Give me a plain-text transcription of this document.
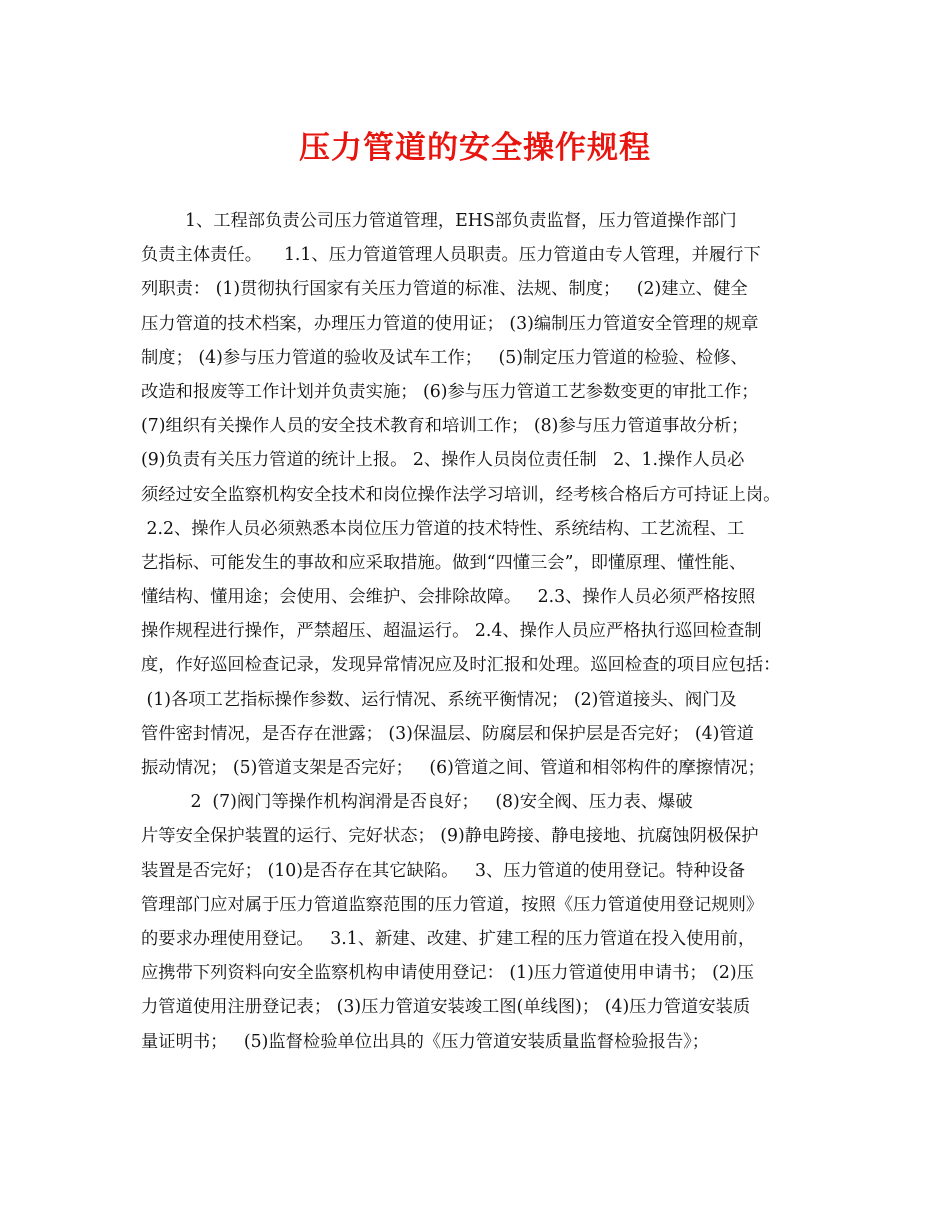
压力管道的安全操作规程
1、工程部负责公司压力管道管理，EHS部负责监督，压力管道操作部门
负责主体责任。    1.1、压力管道管理人员职责。压力管道由专人管理，并履行下
列职责： (1)贯彻执行国家有关压力管道的标准、法规、制度；   (2)建立、健全
压力管道的技术档案，办理压力管道的使用证； (3)编制压力管道安全管理的规章
制度； (4)参与压力管道的验收及试车工作；   (5)制定压力管道的检验、检修、
改造和报废等工作计划并负责实施； (6)参与压力管道工艺参数变更的审批工作；
(7)组织有关操作人员的安全技术教育和培训工作； (8)参与压力管道事故分析；
(9)负责有关压力管道的统计上报。 2、操作人员岗位责任制   2、1.操作人员必
须经过安全监察机构安全技术和岗位操作法学习培训，经考核合格后方可持证上岗。
2.2、操作人员必须熟悉本岗位压力管道的技术特性、系统结构、工艺流程、工
艺指标、可能发生的事故和应采取措施。做到“四懂三会”，即懂原理、懂性能、
懂结构、懂用途；会使用、会维护、会排除故障。   2.3、操作人员必须严格按照
操作规程进行操作，严禁超压、超温运行。 2.4、操作人员应严格执行巡回检查制
度，作好巡回检查记录，发现异常情况应及时汇报和处理。巡回检查的项目应包括：
(1)各项工艺指标操作参数、运行情况、系统平衡情况； (2)管道接头、阀门及
管件密封情况，是否存在泄露； (3)保温层、防腐层和保护层是否完好； (4)管道
振动情况； (5)管道支架是否完好；   (6)管道之间、管道和相邻构件的摩擦情况；
2  (7)阀门等操作机构润滑是否良好；   (8)安全阀、压力表、爆破
片等安全保护装置的运行、完好状态； (9)静电跨接、静电接地、抗腐蚀阴极保护
装置是否完好； (10)是否存在其它缺陷。   3、压力管道的使用登记。特种设备
管理部门应对属于压力管道监察范围的压力管道，按照《压力管道使用登记规则》
的要求办理使用登记。   3.1、新建、改建、扩建工程的压力管道在投入使用前，
应携带下列资料向安全监察机构申请使用登记： (1)压力管道使用申请书； (2)压
力管道使用注册登记表； (3)压力管道安装竣工图(单线图)； (4)压力管道安装质
量证明书；   (5)监督检验单位出具的《压力管道安装质量监督检验报告》；
